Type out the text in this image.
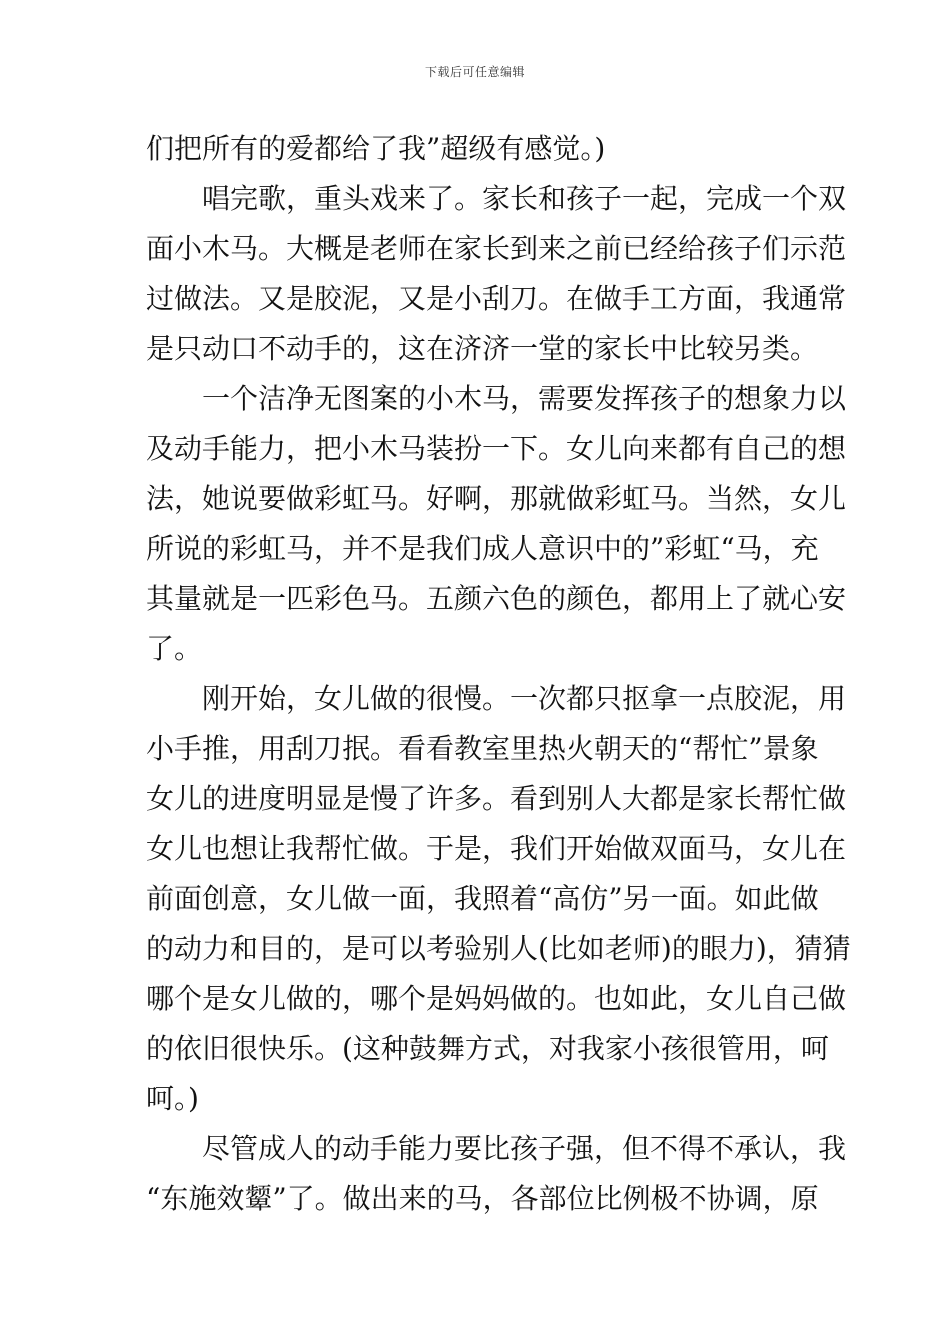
下载后可任意编辑
们把所有的爱都给了我”超级有感觉。)
唱完歌，重头戏来了。家长和孩子一起，完成一个双
面小木马。大概是老师在家长到来之前已经给孩子们示范
过做法。又是胶泥，又是小刮刀。在做手工方面，我通常
是只动口不动手的，这在济济一堂的家长中比较另类。
一个洁净无图案的小木马，需要发挥孩子的想象力以
及动手能力，把小木马装扮一下。女儿向来都有自己的想
法，她说要做彩虹马。好啊，那就做彩虹马。当然，女儿
所说的彩虹马，并不是我们成人意识中的”彩虹“马，充
其量就是一匹彩色马。五颜六色的颜色，都用上了就心安
了。
刚开始，女儿做的很慢。一次都只抠拿一点胶泥，用
小手推，用刮刀抿。看看教室里热火朝天的“帮忙”景象
女儿的进度明显是慢了许多。看到别人大都是家长帮忙做
女儿也想让我帮忙做。于是，我们开始做双面马，女儿在
前面创意，女儿做一面，我照着“高仿”另一面。如此做
的动力和目的，是可以考验别人(比如老师)的眼力)，猜猜
哪个是女儿做的，哪个是妈妈做的。也如此，女儿自己做
的依旧很快乐。(这种鼓舞方式，对我家小孩很管用，呵
呵。)
尽管成人的动手能力要比孩子强，但不得不承认，我
“东施效颦”了。做出来的马，各部位比例极不协调，原
